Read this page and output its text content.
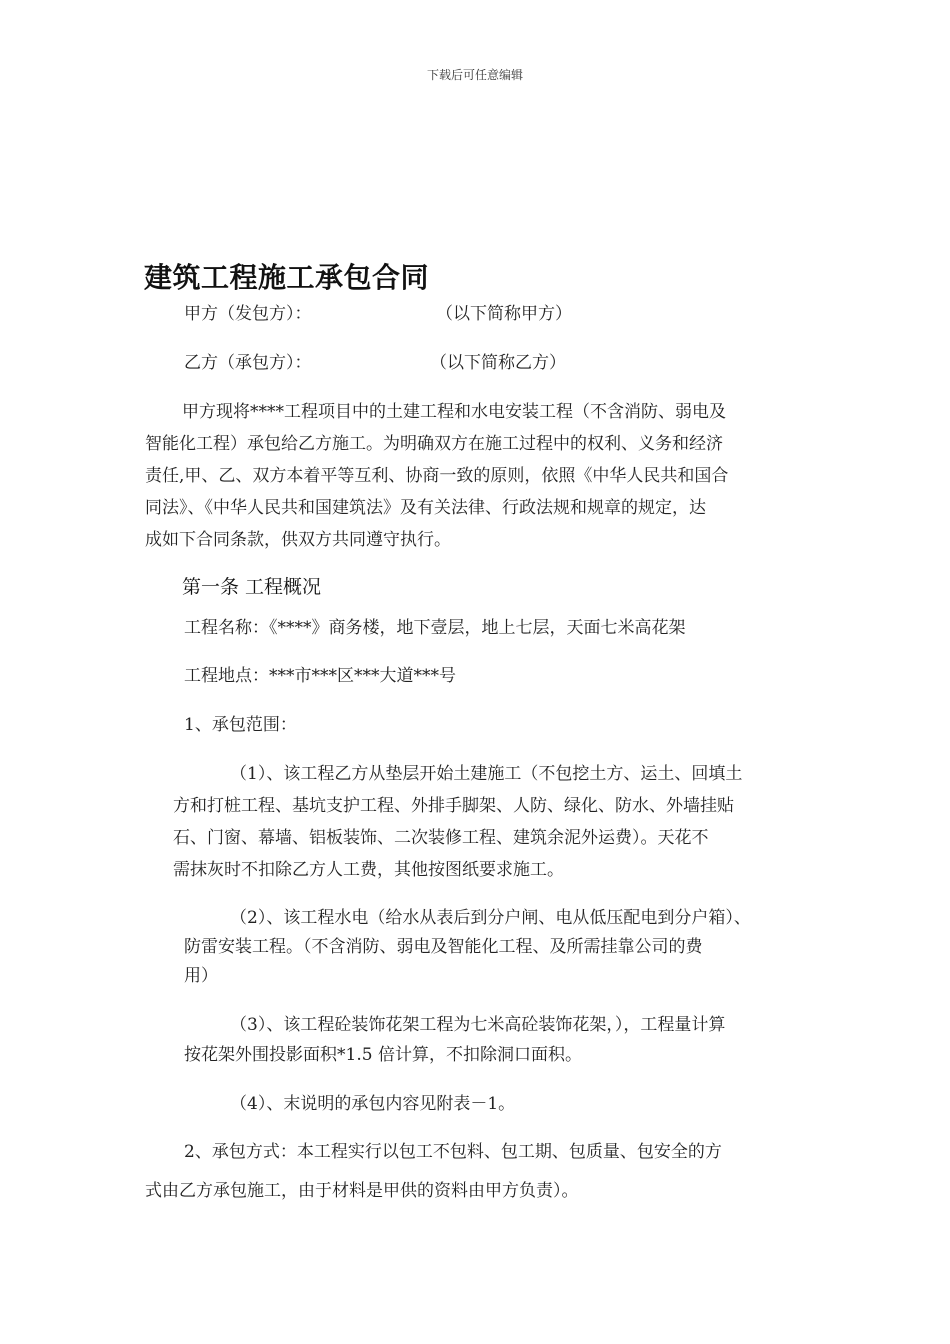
下载后可任意编辑
建筑工程施工承包合同
甲方（发包方）：	（以下简称甲方）
乙方（承包方）：	（以下简称乙方）
甲方现将****工程项目中的土建工程和水电安装工程（不含消防、弱电及
智能化工程）承包给乙方施工。为明确双方在施工过程中的权利、义务和经济
责任,甲、乙、双方本着平等互利、协商一致的原则，依照《中华人民共和国合
同法》、《中华人民共和国建筑法》及有关法律、行政法规和规章的规定，达
成如下合同条款，供双方共同遵守执行。
第一条 工程概况
工程名称：《****》商务楼，地下壹层，地上七层，天面七米高花架
工程地点：***市***区***大道***号
1、承包范围：
（1）、该工程乙方从垫层开始土建施工（不包挖土方、运土、回填土
方和打桩工程、基坑支护工程、外排手脚架、人防、绿化、防水、外墙挂贴
石、门窗、幕墙、铝板装饰、二次装修工程、建筑余泥外运费）。天花不
需抹灰时不扣除乙方人工费，其他按图纸要求施工。
（2）、该工程水电（给水从表后到分户闸、电从低压配电到分户箱）、
防雷安装工程。（不含消防、弱电及智能化工程、及所需挂靠公司的费
用）
（3）、该工程砼装饰花架工程为七米高砼装饰花架，），工程量计算
按花架外围投影面积*1.5 倍计算，不扣除洞口面积。
（4）、末说明的承包内容见附表－1。
2、承包方式：本工程实行以包工不包料、包工期、包质量、包安全的方
式由乙方承包施工，由于材料是甲供的资料由甲方负责）。
